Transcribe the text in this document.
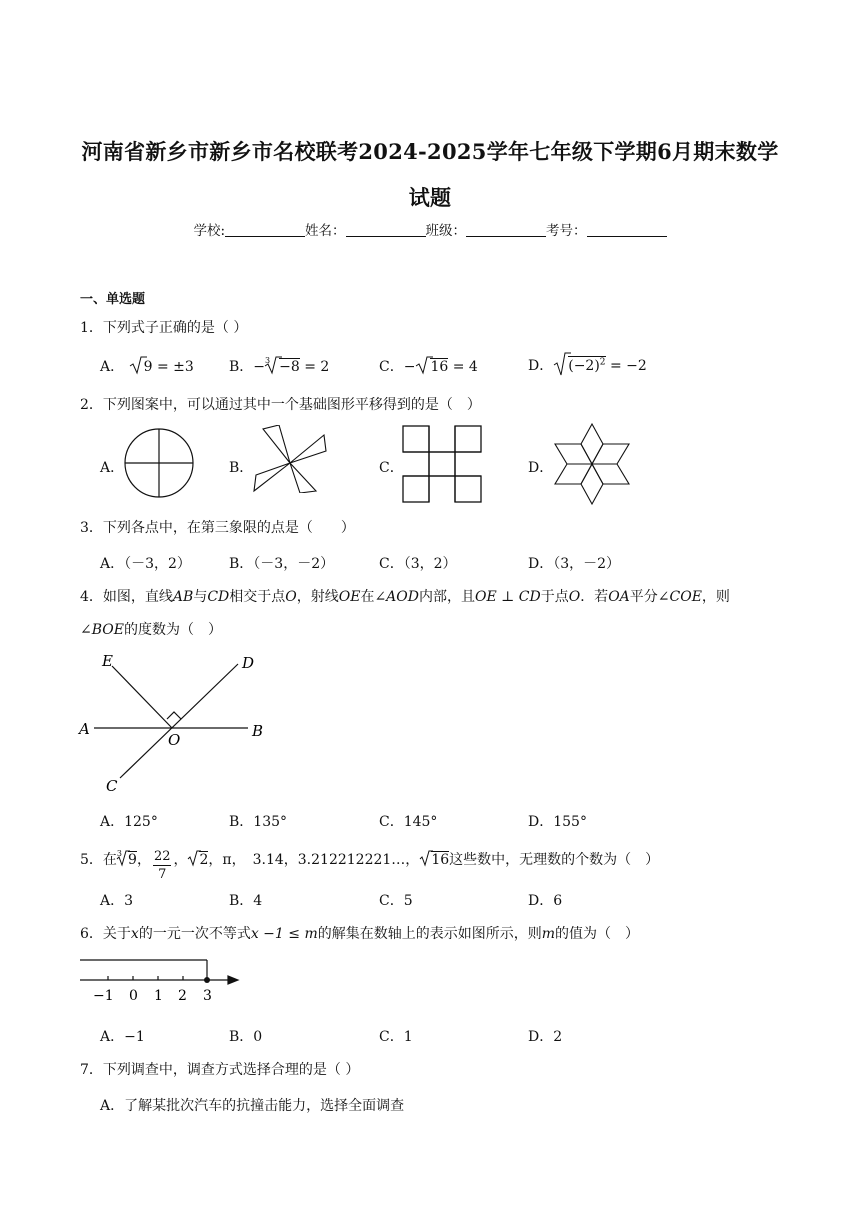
河南省新乡市新乡市名校联考2024-2025学年七年级下学期6月期末数学
试题
学校:	姓名：	班级：	考号：
一、单选题
1．下列式子正确的是（ ）
A． 9 = ±3	B．−$^3$ −8 = 2	C．− 16 = 4	D． $(-2)^2 = -2$
2．下列图案中，可以通过其中一个基础图形平移得到的是（　）
A．	B．	C．	D．
3．下列各点中，在第三象限的点是（　　）
A．（－3，2）	B．（－3，－2）	C．（3，2）	D．（3，－2）
4．如图，直线AB与CD相交于点O，射线OE在∠AOD内部，且OE ⊥ CD于点O．若OA平分∠COE，则
∠BOE的度数为（　）
E	D
A
O	B
C
A．125°	B．135°	C．145°	D．155°
5．在$^3$ 9， $\frac{22}{7}$ ， 2，π，　3.14，3.212212221…， 16这些数中，无理数的个数为（　）
A．3	B．4	C．5	D．6
6．关于x的一元一次不等式x −1 ≤ m的解集在数轴上的表示如图所示，则m的值为（　）
−1 0 1 2 3
A．−1	B．0	C．1	D．2
7．下列调查中，调查方式选择合理的是（ ）
A．了解某批次汽车的抗撞击能力，选择全面调查
